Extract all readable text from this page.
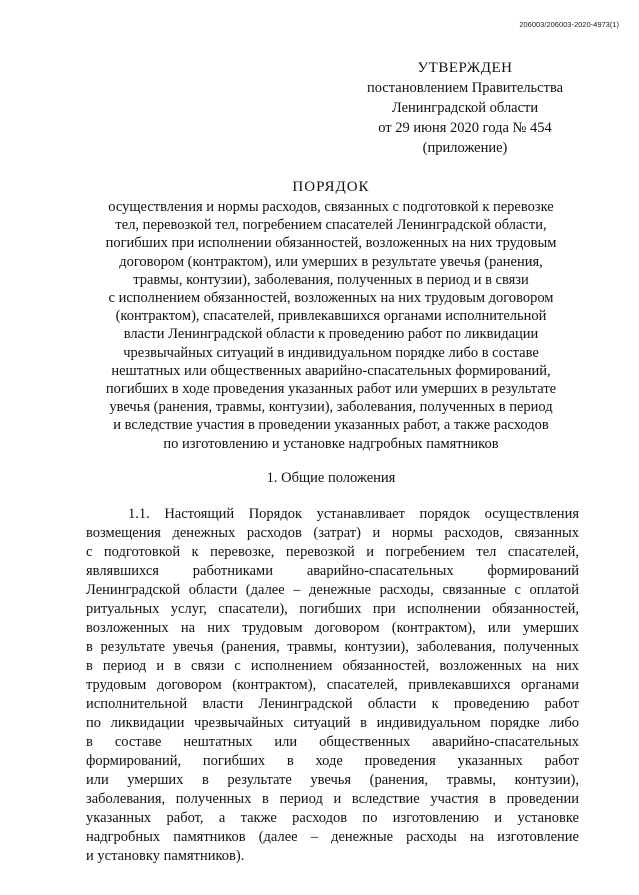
206003/206003-2020-4973(1)
УТВЕРЖДЕН
постановлением Правительства
Ленинградской области
от 29 июня 2020 года № 454
(приложение)
ПОРЯДОК
осуществления и нормы расходов, связанных с подготовкой к перевозке
тел, перевозкой тел, погребением спасателей Ленинградской области,
погибших при исполнении обязанностей, возложенных на них трудовым
договором (контрактом), или умерших в результате увечья (ранения,
травмы, контузии), заболевания, полученных в период и в связи
с исполнением обязанностей, возложенных на них трудовым договором
(контрактом), спасателей, привлекавшихся органами исполнительной
власти Ленинградской области к проведению работ по ликвидации
чрезвычайных ситуаций в индивидуальном порядке либо в составе
нештатных или общественных аварийно-спасательных формирований,
погибших в ходе проведения указанных работ или умерших в результате
увечья (ранения, травмы, контузии), заболевания, полученных в период
и вследствие участия в проведении указанных работ, а также расходов
по изготовлению и установке надгробных памятников
1. Общие положения
1.1. Настоящий Порядок устанавливает порядок осуществления
возмещения денежных расходов (затрат) и нормы расходов, связанных
с подготовкой к перевозке, перевозкой и погребением тел спасателей,
являвшихся работниками аварийно-спасательных формирований
Ленинградской области (далее – денежные расходы, связанные с оплатой
ритуальных услуг, спасатели), погибших при исполнении обязанностей,
возложенных на них трудовым договором (контрактом), или умерших
в результате увечья (ранения, травмы, контузии), заболевания, полученных
в период и в связи с исполнением обязанностей, возложенных на них
трудовым договором (контрактом), спасателей, привлекавшихся органами
исполнительной власти Ленинградской области к проведению работ
по ликвидации чрезвычайных ситуаций в индивидуальном порядке либо
в составе нештатных или общественных аварийно-спасательных
формирований, погибших в ходе проведения указанных работ
или умерших в результате увечья (ранения, травмы, контузии),
заболевания, полученных в период и вследствие участия в проведении
указанных работ, а также расходов по изготовлению и установке
надгробных памятников (далее – денежные расходы на изготовление
и установку памятников).
